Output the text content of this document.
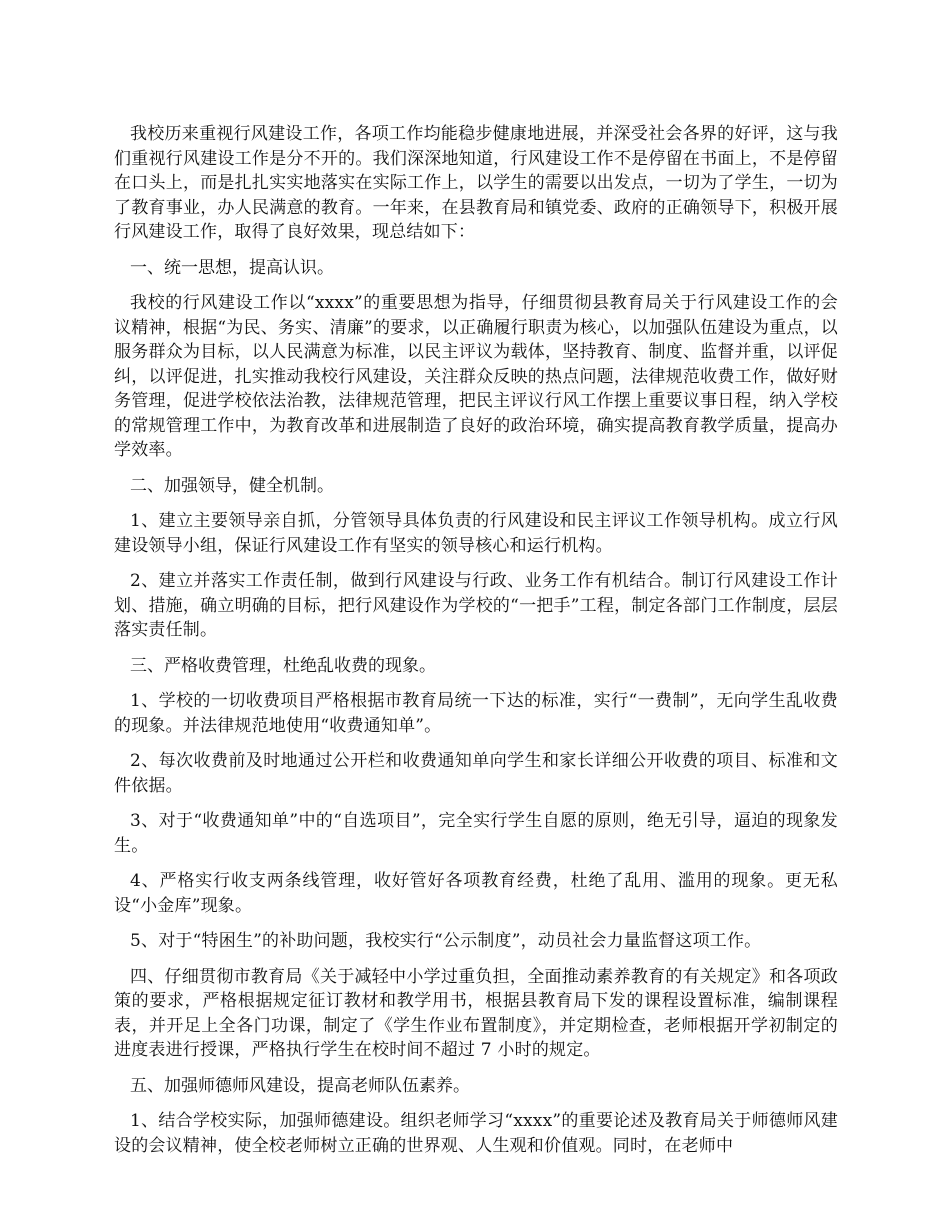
我校历来重视行风建设工作，各项工作均能稳步健康地进展，并深受社会各界的好评，这与我们重视行风建设工作是分不开的。我们深深地知道，行风建设工作不是停留在书面上，不是停留在口头上，而是扎扎实实地落实在实际工作上，以学生的需要以出发点，一切为了学生，一切为了教育事业，办人民满意的教育。一年来，在县教育局和镇党委、政府的正确领导下，积极开展行风建设工作，取得了良好效果，现总结如下：

一、统一思想，提高认识。

我校的行风建设工作以“xxxx”的重要思想为指导，仔细贯彻县教育局关于行风建设工作的会议精神，根据“为民、务实、清廉”的要求，以正确履行职责为核心，以加强队伍建设为重点，以服务群众为目标，以人民满意为标准，以民主评议为载体，坚持教育、制度、监督并重，以评促纠，以评促进，扎实推动我校行风建设，关注群众反映的热点问题，法律规范收费工作，做好财务管理，促进学校依法治教，法律规范管理，把民主评议行风工作摆上重要议事日程，纳入学校的常规管理工作中，为教育改革和进展制造了良好的政治环境，确实提高教育教学质量，提高办学效率。

二、加强领导，健全机制。

1、建立主要领导亲自抓，分管领导具体负责的行风建设和民主评议工作领导机构。成立行风建设领导小组，保证行风建设工作有坚实的领导核心和运行机构。

2、建立并落实工作责任制，做到行风建设与行政、业务工作有机结合。制订行风建设工作计划、措施，确立明确的目标，把行风建设作为学校的“一把手”工程，制定各部门工作制度，层层落实责任制。

三、严格收费管理，杜绝乱收费的现象。

1、学校的一切收费项目严格根据市教育局统一下达的标准，实行“一费制”，无向学生乱收费的现象。并法律规范地使用“收费通知单”。

2、每次收费前及时地通过公开栏和收费通知单向学生和家长详细公开收费的项目、标准和文件依据。

3、对于“收费通知单”中的“自选项目”，完全实行学生自愿的原则，绝无引导，逼迫的现象发生。

4、严格实行收支两条线管理，收好管好各项教育经费，杜绝了乱用、滥用的现象。更无私设“小金库”现象。

5、对于“特困生”的补助问题，我校实行“公示制度”，动员社会力量监督这项工作。

四、仔细贯彻市教育局《关于减轻中小学过重负担，全面推动素养教育的有关规定》和各项政策的要求，严格根据规定征订教材和教学用书，根据县教育局下发的课程设置标准，编制课程表，并开足上全各门功课，制定了《学生作业布置制度》，并定期检查，老师根据开学初制定的进度表进行授课，严格执行学生在校时间不超过 7 小时的规定。

五、加强师德师风建设，提高老师队伍素养。

1、结合学校实际，加强师德建设。组织老师学习“xxxx”的重要论述及教育局关于师德师风建设的会议精神，使全校老师树立正确的世界观、人生观和价值观。同时，在老师中
